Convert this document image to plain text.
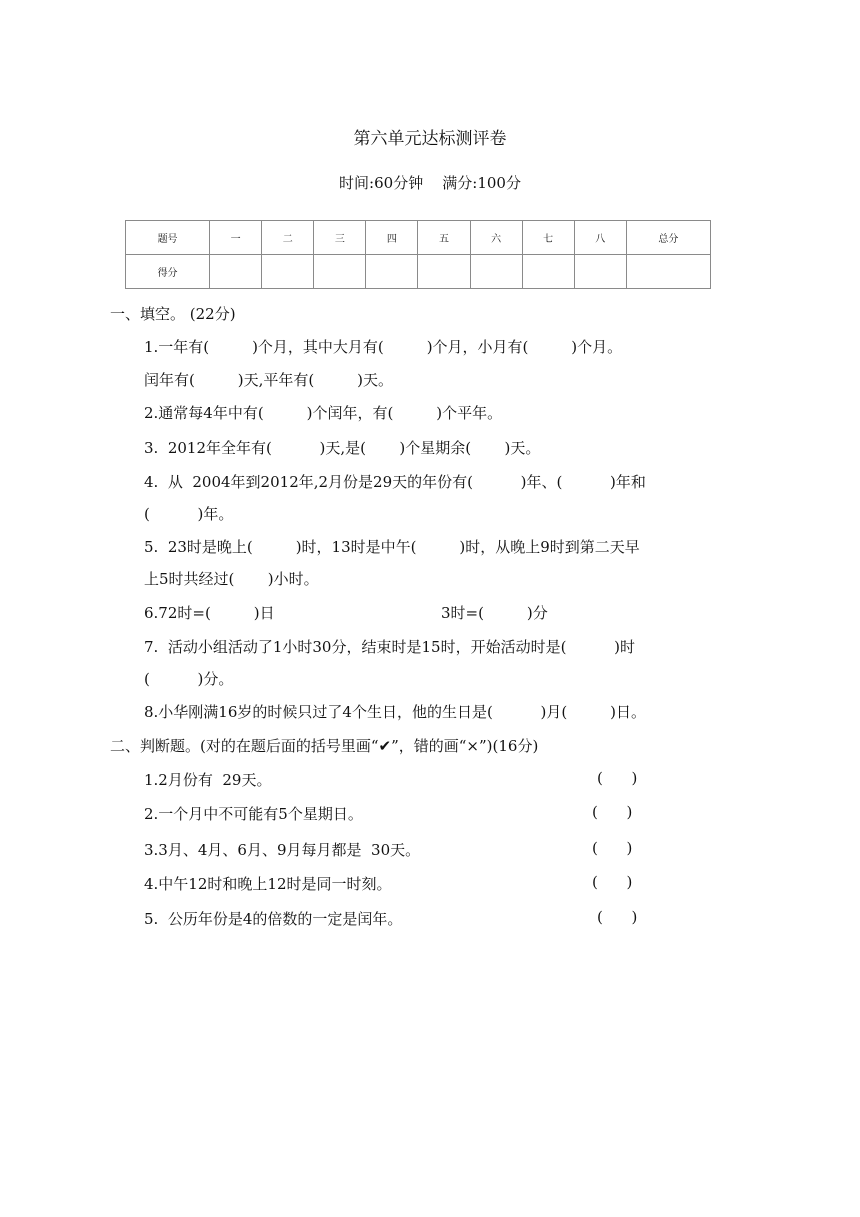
第六单元达标测评卷
时间:60分钟    满分:100分
题号	一	二	三	四	五	六	七	八	总分
得分									
一、填空。 (22分)
1.一年有(         )个月，其中大月有(         )个月，小月有(         )个月。
闰年有(         )天,平年有(         )天。
2.通常每4年中有(         )个闰年，有(         )个平年。
3.  2012年全年有(          )天,是(       )个星期余(       )天。
4.  从  2004年到2012年,2月份是29天的年份有(          )年、(          )年和
(          )年。
5.  23时是晚上(         )时，13时是中午(         )时，从晚上9时到第二天早
上5时共经过(       )小时。
6.72时=(         )日	3时=(         )分
7.  活动小组活动了1小时30分，结束时是15时，开始活动时是(          )时
(          )分。
8.小华刚满16岁的时候只过了4个生日，他的生日是(          )月(         )日。
二、判断题。(对的在题后面的括号里画“✔”，错的画“×”)(16分)
1.2月份有  29天。	(      )
2.一个月中不可能有5个星期日。	(      )
3.3月、4月、6月、9月每月都是  30天。	(      )
4.中午12时和晚上12时是同一时刻。	(      )
5.  公历年份是4的倍数的一定是闰年。	(      )
